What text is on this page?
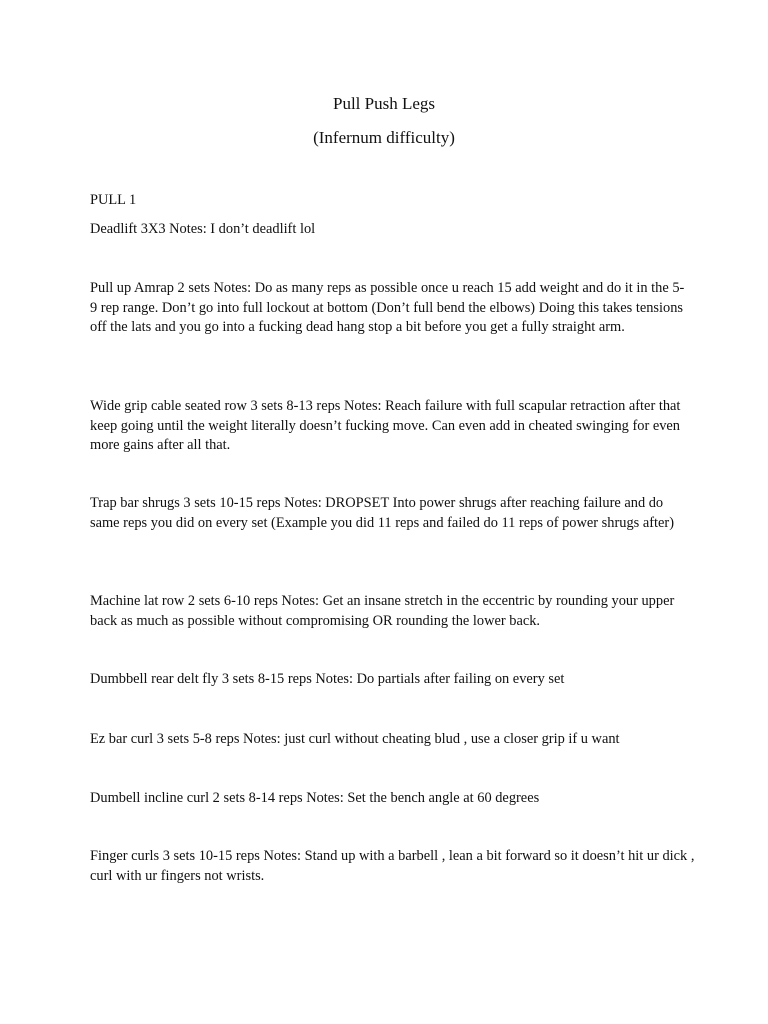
Pull Push Legs
(Infernum difficulty)

PULL 1

Deadlift 3X3 Notes: I don’t deadlift lol

Pull up Amrap 2 sets Notes: Do as many reps as possible once u reach 15 add weight and do it in the 5-9 rep range. Don’t go into full lockout at bottom (Don’t full bend the elbows) Doing this takes tensions off the lats and you go into a fucking dead hang stop a bit before you get a fully straight arm.

Wide grip cable seated row 3 sets 8-13 reps Notes: Reach failure with full scapular retraction after that keep going until the weight literally doesn’t fucking move. Can even add in cheated swinging for even more gains after all that.

Trap bar shrugs 3 sets 10-15 reps Notes: DROPSET Into power shrugs after reaching failure and do same reps you did on every set (Example you did 11 reps and failed do 11 reps of power shrugs after)

Machine lat row 2 sets 6-10 reps Notes: Get an insane stretch in the eccentric by rounding your upper back as much as possible without compromising OR rounding the lower back.

Dumbbell rear delt fly 3 sets 8-15 reps Notes: Do partials after failing on every set

Ez bar curl 3 sets 5-8 reps Notes: just curl without cheating blud , use a closer grip if u want

Dumbell incline curl 2 sets 8-14 reps Notes: Set the bench angle at 60 degrees

Finger curls 3 sets 10-15 reps Notes: Stand up with a barbell , lean a bit forward so it doesn’t hit ur dick , curl with ur fingers not wrists.
